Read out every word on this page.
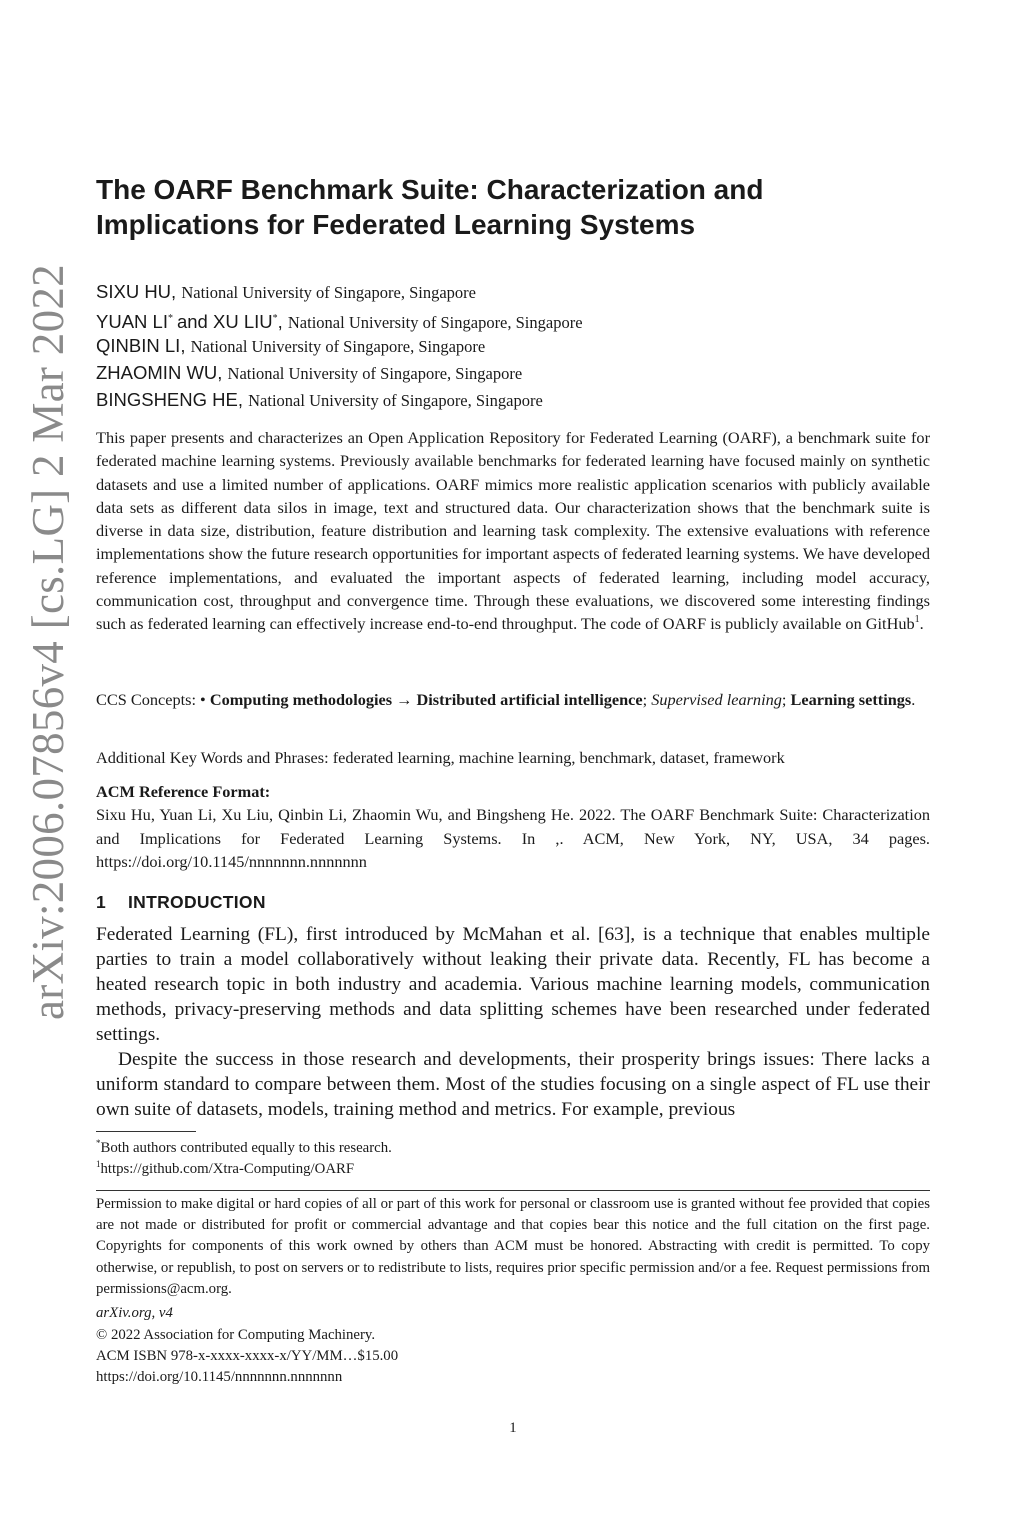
arXiv:2006.07856v4 [cs.LG] 2 Mar 2022
The OARF Benchmark Suite: Characterization and
Implications for Federated Learning Systems
SIXU HU, National University of Singapore, Singapore
YUAN LI* and XU LIU*, National University of Singapore, Singapore
QINBIN LI, National University of Singapore, Singapore
ZHAOMIN WU, National University of Singapore, Singapore
BINGSHENG HE, National University of Singapore, Singapore

This paper presents and characterizes an Open Application Repository for Federated Learning (OARF), a benchmark suite for federated machine learning systems. Previously available benchmarks for federated learning have focused mainly on synthetic datasets and use a limited number of applications. OARF mimics more realistic application scenarios with publicly available data sets as different data silos in image, text and structured data. Our characterization shows that the benchmark suite is diverse in data size, distribution, feature distribution and learning task complexity. The extensive evaluations with reference implementations show the future research opportunities for important aspects of federated learning systems. We have developed reference implementations, and evaluated the important aspects of federated learning, including model accuracy, communication cost, throughput and convergence time. Through these evaluations, we discovered some interesting findings such as federated learning can effectively increase end-to-end throughput. The code of OARF is publicly available on GitHub$^1$.

CCS Concepts: • Computing methodologies → Distributed artificial intelligence; Supervised learning; Learning settings.

Additional Key Words and Phrases: federated learning, machine learning, benchmark, dataset, framework

ACM Reference Format:

Sixu Hu, Yuan Li, Xu Liu, Qinbin Li, Zhaomin Wu, and Bingsheng He. 2022. The OARF Benchmark Suite: Characterization and Implications for Federated Learning Systems. In ,. ACM, New York, NY, USA, 34 pages. https://doi.org/10.1145/nnnnnnn.nnnnnnn

1 INTRODUCTION

Federated Learning (FL), first introduced by McMahan et al. [63], is a technique that enables multiple parties to train a model collaboratively without leaking their private data. Recently, FL has become a heated research topic in both industry and academia. Various machine learning models, communication methods, privacy-preserving methods and data splitting schemes have been researched under federated settings.

Despite the success in those research and developments, their prosperity brings issues: There lacks a uniform standard to compare between them. Most of the studies focusing on a single aspect of FL use their own suite of datasets, models, training method and metrics. For example, previous

*Both authors contributed equally to this research.
$^1$https://github.com/Xtra-Computing/OARF

Permission to make digital or hard copies of all or part of this work for personal or classroom use is granted without fee provided that copies are not made or distributed for profit or commercial advantage and that copies bear this notice and the full citation on the first page. Copyrights for components of this work owned by others than ACM must be honored. Abstracting with credit is permitted. To copy otherwise, or republish, to post on servers or to redistribute to lists, requires prior specific permission and/or a fee. Request permissions from permissions@acm.org.

arXiv.org, v4
© 2022 Association for Computing Machinery.
ACM ISBN 978-x-xxxx-xxxx-x/YY/MM…$15.00
https://doi.org/10.1145/nnnnnnn.nnnnnnn
1
